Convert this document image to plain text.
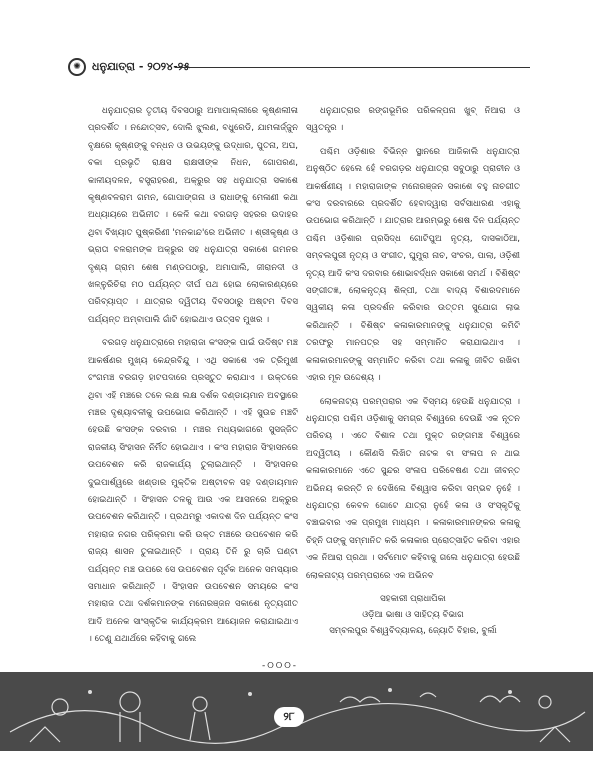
✺	ଧନୁଯାତ୍ରା - ୨୦୨୪-୨୫

ଧନୁଯାତ୍ରାର ତୃତୀୟ ଦିବସଠାରୁ ଅମାପାଲ୍ଲୀରେ କୃଷ୍ଣଲୀଳା ପ୍ରଦର୍ଶିତ । ନନ୍ଦୋତ୍ସବ, ଦୋଲି ଝୁଲଣ, ବଧୁରେଡି, ଯାମଳାର୍ଜ୍ଜୁନ ବୃକ୍ଷରେ କୃଷ୍ଣଙ୍କୁ ବନ୍ଧନ ଓ ଉଭୟଙ୍କୁ ଉଦ୍ଧାର, ପୁତନା, ଅଘ, ବକା ପ୍ରଭୃତି ରାକ୍ଷସ ରାକ୍ଷସୀଙ୍କ ନିଧନ, ଗୋପରଣ, କାଳୀୟଦଳନ, ବସ୍ତ୍ରାହରଣ, ଅକ୍ରୁର ସହ ଧନୁଯାତ୍ରା ସକାଶେ କୃଷ୍ଣବଳରାମ ଗମନ, ଗୋପାଙ୍ଗନା ଓ ରାଧାଙ୍କୁ ମେଳାଣୀ କଥା ଅଧ୍ୟାୟରେ ଅଭିନୀତ । କେଳି କଥା ବରଗଡ଼ ସହରର ଉଦାହର ଥିବା ବିଖ୍ୟାତ ପୁଷ୍କରିଣୀ 'ମନକାନ୍ଦ'ରେ ଅଭିନୀତ । ଶ୍ରୀକୃଷ୍ଣ ଓ ଭ୍ରାତା ବଳରାମଙ୍କ ଅକ୍ରୁର ସହ ଧନୁଯାତ୍ରା ସକାଶେ ଗମନର ଦୃଶ୍ୟ ଗ୍ରାମ ଶେଷ ମଣ୍ଡପଠାରୁ, ଅମାପାଲି, ଜୀରାନଦୀ ଓ ଖଳ୍ଳୁରିଚିରା ମଠ ପର୍ଯ୍ୟନ୍ତ ଦୀର୍ଘ ପଥ ହୋଇ ଲୋକାରଣ୍ୟରେ ପରିବ୍ୟାପ୍ତ । ଯାତ୍ରାର ଦ୍ୱିତୀୟ ଦିବସଠାରୁ ଅଷ୍ଟମ ଦିବସ ପର୍ଯ୍ୟନ୍ତ ଅମ୍ବାପାଲି ଗାଁଟି ହୋଇଥାଏ ଉତ୍ସବ ମୁଖର ।

ବରଗଡ଼ ଧନୁଯାତ୍ରାରେ ମହାରାଜା କଂସଙ୍କ ପାଇଁ ଉଦିଷ୍ଟ ମଞ୍ଚ ଆକର୍ଷଣର ମୁଖ୍ୟ କେନ୍ଦ୍ରବିନ୍ଦୁ । ଏଥି ସକାଶେ ଏକ ତ୍ରିମୁଖୀ ଟଂଗମଞ୍ଚ ବରଗଡ଼ ହାଟପଦାରେ ପ୍ରସ୍ତୁତ କରାଯାଏ । ଉକ୍ତରେ ଥିବା ଏହି ମଞ୍ଚରେ ତଳେ ଲକ୍ଷ ଲକ୍ଷ ଦର୍ଶକ ଦଣ୍ଡାୟମାନ ଅବସ୍ଥାରେ ମଞ୍ଚର ଦୃଶ୍ୟାବଳୀକୁ ଉପଭୋଗ କରିଥାନ୍ତି । ଏହି ସୁଉଚ୍ଚ ମଞ୍ଚଟି ହେଉଛି କଂସଙ୍କ ଦରବାର । ମଞ୍ଚର ମଧ୍ୟଭାଗରେ ସୁସଜ୍ଜିତ ରାଜକୀୟ ସିଂହାସନ ନିର୍ମିତ ହୋଇଥାଏ । କଂସ ମହାରାଜ ସିଂହାସନରେ ଉପବେଶନ କରି ରାଜକାର୍ଯ୍ୟ ତୁଲାଇଥାନ୍ତି । ସିଂହାସନର ଦୁଇପାର୍ଶ୍ୱରେ ଖଣ୍ଡାର ମୁକ୍ତିକ ଅଷ୍ଟାବଳ ସହ ଦଣ୍ଡାୟମାନ ହୋଇଥାନ୍ତି । ସିଂହାସନ ତଳକୁ ଆଉ ଏକ ଆସନରେ ଅକ୍ରୁର ଉପବେଶନ କରିଥାନ୍ତି । ପ୍ରଥମରୁ ଏକାଦଶ ଦିନ ପର୍ଯ୍ୟନ୍ତ କଂସ ମହାରାଜ ନଗର ପରିକ୍ରମା କରି ଉକ୍ତ ମଞ୍ଚରେ ଉପବେଶନ କରି ରାଜ୍ୟ ଶାସନ ତୁଳାଇଥାନ୍ତି । ପ୍ରାୟ ତିନି ରୁ ଚାରି ଘଣ୍ଟା ପର୍ଯ୍ୟନ୍ତ ମଞ୍ଚ ଉପରେ ସେ ଉପବେଶନ ପୂର୍ବକ ଅନେକ ସମସ୍ୟାର ସମାଧାନ କରିଥାନ୍ତି । ସିଂହାସନ ଉପବେଶନ ସମୟରେ କଂସ ମହାରାଜ ତଥା ଦର୍ଶକମାନଙ୍କ ମନୋରଞ୍ଜନ ସକାଶେ ନୃତ୍ୟଗୀତ ଆଦି ଅନେକ ସାଂସ୍କୃତିକ କାର୍ଯ୍ୟକ୍ରମ ଆୟୋଜନ କରାଯାଇଥାଏ । ତେଣୁ ଯଥାର୍ଥରେ କହିବାକୁ ଗଲେ

ଧନୁଯାତ୍ରାର ରଙ୍ଗଭୂମିର ପରିକଳ୍ପନା ଖୁବ୍ ନିଆରା ଓ ସ୍ୱତନ୍ତ୍ର ।

ପଶ୍ଚିମ ଓଡ଼ିଶାର ବିଭିନ୍ନ ସ୍ଥାନରେ ଆଜିକାଲି ଧନୁଯାତ୍ରା ଅନୁଷ୍ଠିତ ହେଲେ ହେଁ ବରଗଡ଼ର ଧନୁଯାତ୍ରା ସବୁଠାରୁ ପ୍ରାଚୀନ ଓ ଆକର୍ଷଣୀୟ । ମହାରାଜାଙ୍କ ମନୋରଞ୍ଜନ ସକାଶେ ବହୁ ନାଚଗୀତ କଂସ ଦରବାରରେ ପ୍ରଦର୍ଶିତ ହେବାଦ୍ୱାରା ସର୍ବସାଧାରଣ ଏହାକୁ ଉପଭୋଗ କରିଥାନ୍ତି । ଯାତ୍ରାର ଆରମ୍ଭରୁ ଶେଷ ଦିନ ପର୍ଯ୍ୟନ୍ତ ପଶ୍ଚିମ ଓଡ଼ିଶାର ପ୍ରସିଦ୍ଧ ଗୋଟିପୁଅ ନୃତ୍ୟ, ଦାସକାଠିଆ, ସମ୍ବଲପୁରୀ ନୃତ୍ୟ ଓ ସଂଗୀତ, ଘୁମୁରା ନାଚ, ସଂଚର, ପାଲା, ଓଡ଼ିଶୀ ନୃତ୍ୟ ଆଦି କଂସ ଦରବାର ଶୋଭାବର୍ଦ୍ଧନ ସକାଶେ ସମର୍ଥ । ବିଶିଷ୍ଟ ସଙ୍ଗୀତଜ୍ଞ, ଲୋକନୃତ୍ୟ ଶିଳ୍ପୀ, ତଥା ବାଦ୍ୟ ବିଶାରଦମାନେ ସ୍ୱକୀୟ କଳା ପ୍ରଦର୍ଶନ କରିବାର ଉତ୍ତମ ସୁଯୋଗ ଲାଭ କରିଥାନ୍ତି । ବିଶିଷ୍ଟ କଳାକାରମାନଙ୍କୁ ଧନୁଯାତ୍ରା କମିଟି ତରଫରୁ ମାନପତ୍ର ସହ ସମ୍ମାନିତ କରାଯାଇଥାଏ । କଳାକାରମାନଙ୍କୁ ସମ୍ମାନିତ କରିବା ତଥା କଳାକୁ ଜୀବିତ ରଖିବା ଏହାର ମୂଳ ଉଦ୍ଦେଶ୍ୟ ।

ଲୋକନାଟ୍ୟ ପରମ୍ପରାର ଏକ ବିସ୍ମୟ ହେଉଛି ଧନୁଯାତ୍ରା । ଧନୁଯାତ୍ରା ପଶ୍ଚିମ ଓଡ଼ିଶାକୁ ସମଗ୍ର ବିଶ୍ୱରେ ଦେଉଛି ଏକ ନୂତନ ପରିଚୟ । ଏତେ ବିଶାଳ ତଥା ମୁକ୍ତ ରଙ୍ଗମଞ୍ଚ ବିଶ୍ୱରେ ଅଦ୍ୱିତୀୟ । କୌଣସି ଲିଖିତ ନାଟକ ବା ସଂଳାପ ନ ଥାଇ କଳାକାରମାନେ ଏତେ ସୁନ୍ଦର ସଂଳାପ ପରିବେଷଣ ତଥା ଜୀବନ୍ତ ଅଭିନୟ କରନ୍ତି ନ ଦେଖିଲେ ବିଶ୍ୱାସ କରିବା ସମ୍ଭବ ନୁହେଁ । ଧନୁଯାତ୍ରା କେବଳ ଗୋଟେ ଯାତ୍ରା ନୁହେଁ କଳା ଓ ସଂସ୍କୃତିକୁ ବଞ୍ଚାଇବାର ଏକ ପ୍ରମୁଖ ମାଧ୍ୟମ । କଳାକାରମାନଙ୍କର କଳାକୁ ଚିହ୍ନି ତାଙ୍କୁ ସମ୍ମାନିତ କରି କଳାକାର ପ୍ରୋତ୍ସାହିତ କରିବା ଏହାର ଏକ ନିଆରା ପ୍ରଥା । ସର୍ବମୋଟ କହିବାକୁ ଗଲେ ଧନୁଯାତ୍ରା ହେଉଛି ଲୋକନାଟ୍ୟ ପରମ୍ପରାରେ ଏକ ଅଭିନବ

ସହକାରୀ ପ୍ରାଧାପିକା
ଓଡ଼ିଆ ଭାଷା ଓ ସାହିତ୍ୟ ବିଭାଗ
ସମ୍ବଲପୁର ବିଶ୍ୱବିଦ୍ୟାଳୟ, ଜ୍ୟୋତି ବିହାର, ବୁର୍ଲା

-୦୦୦-
୨୮
